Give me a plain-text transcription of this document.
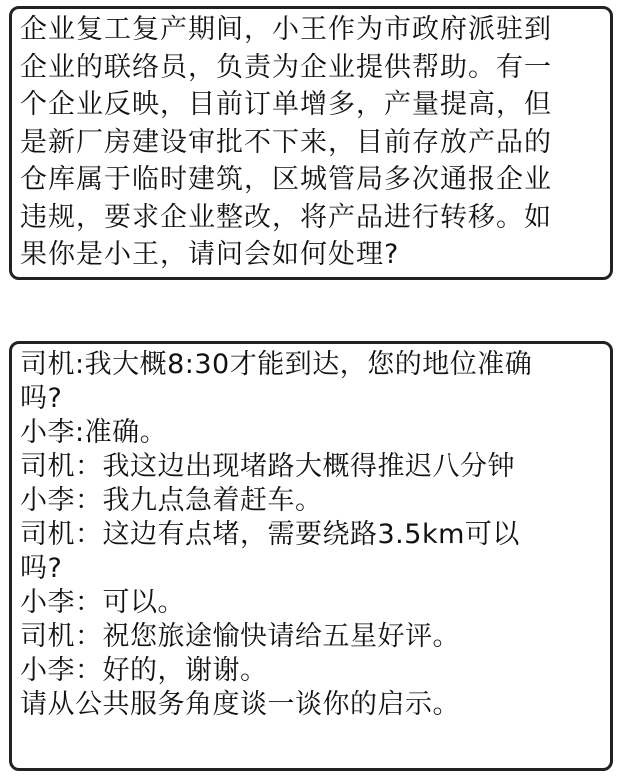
企业复工复产期间，小王作为市政府派驻到
企业的联络员，负责为企业提供帮助。有一
个企业反映，目前订单增多，产量提高，但
是新厂房建设审批不下来，目前存放产品的
仓库属于临时建筑，区城管局多次通报企业
违规，要求企业整改，将产品进行转移。如
果你是小王，请问会如何处理?
司机:我大概8:30才能到达，您的地位准确
吗?
小李:准确。
司机：我这边出现堵路大概得推迟八分钟
小李：我九点急着赶车。
司机：这边有点堵，需要绕路3.5km可以
吗?
小李：可以。
司机：祝您旅途愉快请给五星好评。
小李：好的，谢谢。
请从公共服务角度谈一谈你的启示。
